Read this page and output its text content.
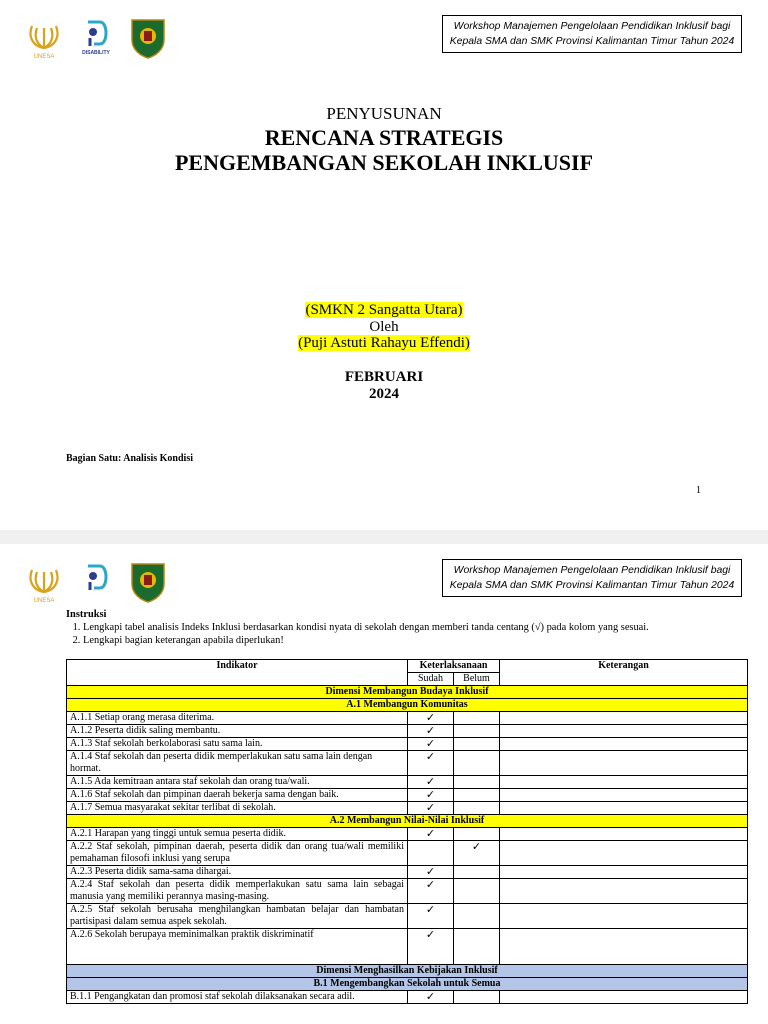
UNESA
DISABILITY
Workshop Manajemen Pengelolaan Pendidikan Inklusif bagi
Kepala SMA dan SMK Provinsi Kalimantan Timur Tahun 2024
PENYUSUNAN
RENCANA STRATEGIS
PENGEMBANGAN SEKOLAH INKLUSIF
(SMKN 2 Sangatta Utara)
Oleh
(Puji Astuti Rahayu Effendi)
FEBRUARI
2024
Bagian Satu: Analisis Kondisi
1
UNESA
Workshop Manajemen Pengelolaan Pendidikan Inklusif bagi
Kepala SMA dan SMK Provinsi Kalimantan Timur Tahun 2024
Instruksi
1. Lengkapi tabel analisis Indeks Inklusi berdasarkan kondisi nyata di sekolah dengan memberi tanda centang (√) pada kolom yang sesuai.
2. Lengkapi bagian keterangan apabila diperlukan!
Indikator	Keterlaksanaan		Keterangan
	Sudah	Belum	
Dimensi Membangun Budaya Inklusif			
A.1 Membangun Komunitas			
A.1.1 Setiap orang merasa diterima.	✓		
A.1.2 Peserta didik saling membantu.	✓		
A.1.3 Staf sekolah berkolaborasi satu sama lain.	✓		
A.1.4 Staf sekolah dan peserta didik memperlakukan satu sama lain dengan hormat.	✓		
A.1.5 Ada kemitraan antara staf sekolah dan orang tua/wali.	✓		
A.1.6 Staf sekolah dan pimpinan daerah bekerja sama dengan baik.	✓		
A.1.7 Semua masyarakat sekitar terlibat di sekolah.	✓		
A.2 Membangun Nilai-Nilai Inklusif			
A.2.1 Harapan yang tinggi untuk semua peserta didik.	✓		
A.2.2 Staf sekolah, pimpinan daerah, peserta didik dan orang tua/wali memiliki pemahaman filosofi inklusi yang serupa		✓	
A.2.3 Peserta didik sama-sama dihargai.	✓		
A.2.4 Staf sekolah dan peserta didik memperlakukan satu sama lain sebagai manusia yang memiliki perannya masing-masing.	✓		
A.2.5 Staf sekolah berusaha menghilangkan hambatan belajar dan hambatan partisipasi dalam semua aspek sekolah.	✓		
A.2.6 Sekolah berupaya meminimalkan praktik diskriminatif	✓		
Dimensi Menghasilkan Kebijakan Inklusif			
B.1 Mengembangkan Sekolah untuk Semua			
B.1.1 Pengangkatan dan promosi staf sekolah dilaksanakan secara adil.	✓		
